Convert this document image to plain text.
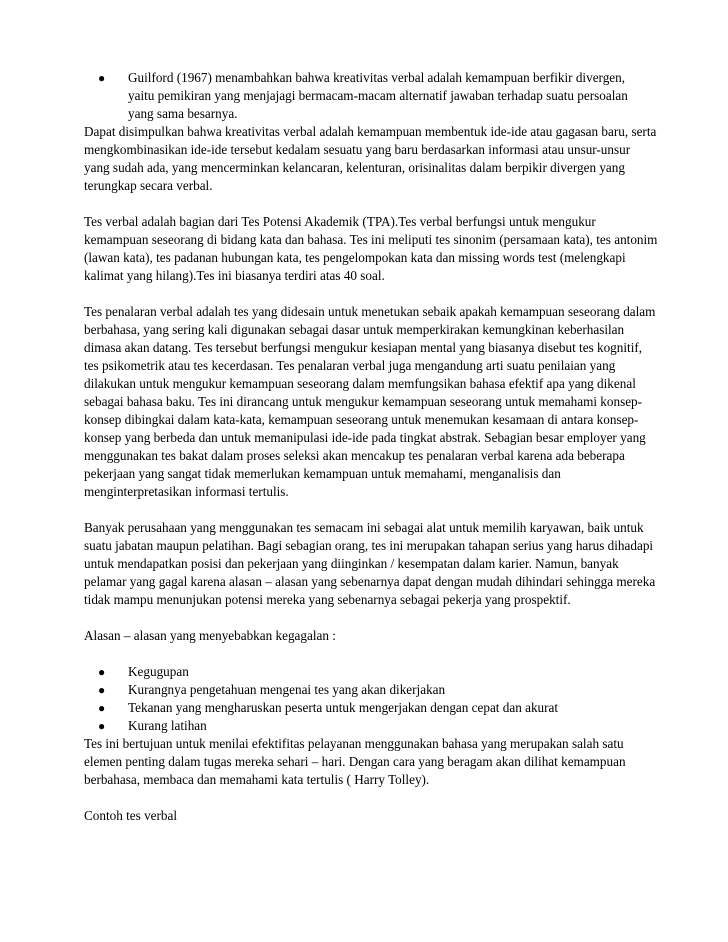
● Guilford (1967) menambahkan bahwa kreativitas verbal adalah kemampuan berfikir divergen, yaitu pemikiran yang menjajagi bermacam-macam alternatif jawaban terhadap suatu persoalan yang sama besarnya.

Dapat disimpulkan bahwa kreativitas verbal adalah kemampuan membentuk ide-ide atau gagasan baru, serta mengkombinasikan ide-ide tersebut kedalam sesuatu yang baru berdasarkan informasi atau unsur-unsur yang sudah ada, yang mencerminkan kelancaran, kelenturan, orisinalitas dalam berpikir divergen yang terungkap secara verbal.

Tes verbal adalah bagian dari Tes Potensi Akademik (TPA).Tes verbal berfungsi untuk mengukur kemampuan seseorang di bidang kata dan bahasa. Tes ini meliputi tes sinonim (persamaan kata), tes antonim (lawan kata), tes padanan hubungan kata, tes pengelompokan kata dan missing words test (melengkapi kalimat yang hilang).Tes ini biasanya terdiri atas 40 soal.

Tes penalaran verbal adalah tes yang didesain untuk menetukan sebaik apakah kemampuan seseorang dalam berbahasa, yang sering kali digunakan sebagai dasar untuk memperkirakan kemungkinan keberhasilan dimasa akan datang. Tes tersebut berfungsi mengukur kesiapan mental yang biasanya disebut tes kognitif, tes psikometrik atau tes kecerdasan. Tes penalaran verbal juga mengandung arti suatu penilaian yang dilakukan untuk mengukur kemampuan seseorang dalam memfungsikan bahasa efektif apa yang dikenal sebagai bahasa baku. Tes ini dirancang untuk mengukur kemampuan seseorang untuk memahami konsep-konsep dibingkai dalam kata-kata, kemampuan seseorang untuk menemukan kesamaan di antara konsep-konsep yang berbeda dan untuk memanipulasi ide-ide pada tingkat abstrak. Sebagian besar employer yang menggunakan tes bakat dalam proses seleksi akan mencakup tes penalaran verbal karena ada beberapa pekerjaan yang sangat tidak memerlukan kemampuan untuk memahami, menganalisis dan menginterpretasikan informasi tertulis.

Banyak perusahaan yang menggunakan tes semacam ini sebagai alat untuk memilih karyawan, baik untuk suatu jabatan maupun pelatihan. Bagi sebagian orang, tes ini merupakan tahapan serius yang harus dihadapi untuk mendapatkan posisi dan pekerjaan yang diinginkan / kesempatan dalam karier. Namun, banyak pelamar yang gagal karena alasan – alasan yang sebenarnya dapat dengan mudah dihindari sehingga mereka tidak mampu menunjukan potensi mereka yang sebenarnya sebagai pekerja yang prospektif.

Alasan – alasan yang menyebabkan kegagalan :

● Kegugupan
● Kurangnya pengetahuan mengenai tes yang akan dikerjakan
● Tekanan yang mengharuskan peserta untuk mengerjakan dengan cepat dan akurat
● Kurang latihan

Tes ini bertujuan untuk menilai efektifitas pelayanan menggunakan bahasa yang merupakan salah satu elemen penting dalam tugas mereka sehari – hari. Dengan cara yang beragam akan dilihat kemampuan berbahasa, membaca dan memahami kata tertulis ( Harry Tolley).

Contoh tes verbal
